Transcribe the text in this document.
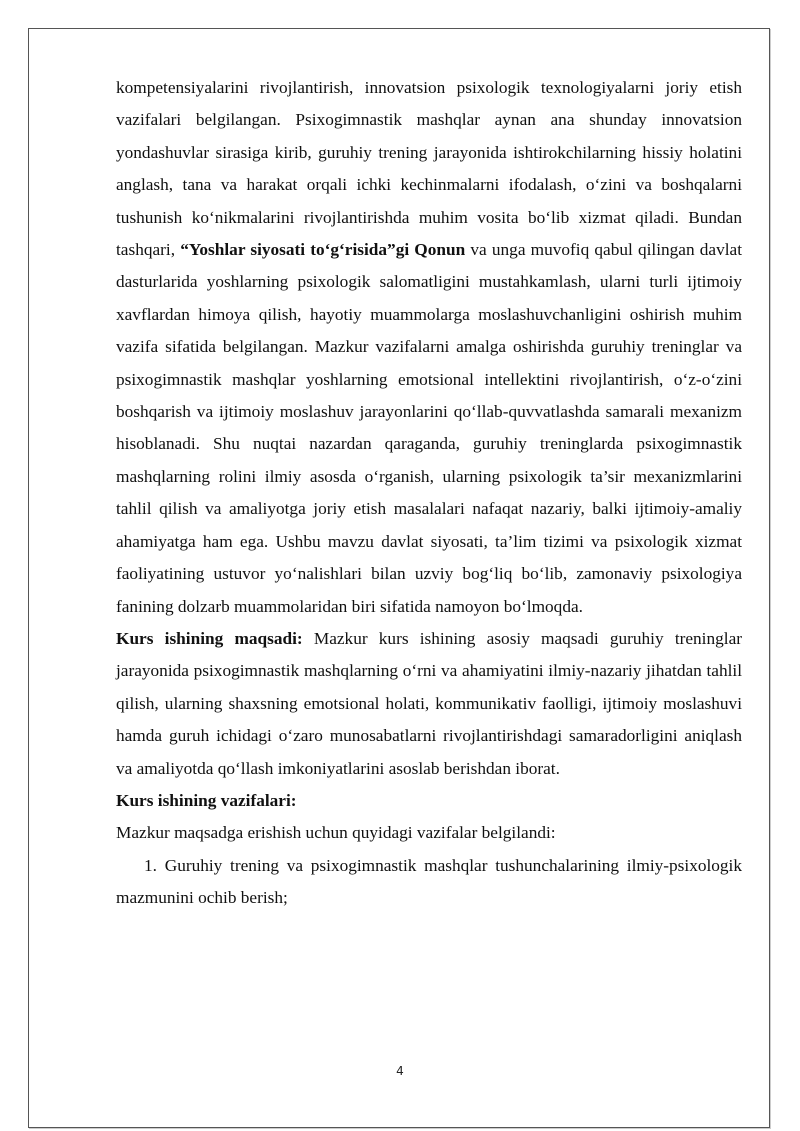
kompetensiyalarini rivojlantirish, innovatsion psixologik texnologiyalarni joriy etish vazifalari belgilangan. Psixogimnastik mashqlar aynan ana shunday innovatsion yondashuvlar sirasiga kirib, guruhiy trening jarayonida ishtirokchilarning hissiy holatini anglash, tana va harakat orqali ichki kechinmalarni ifodalash, o‘zini va boshqalarni tushunish ko‘nikmalarini rivojlantirishda muhim vosita bo‘lib xizmat qiladi. Bundan tashqari, “Yoshlar siyosati to‘g‘risida”gi Qonun va unga muvofiq qabul qilingan davlat dasturlarida yoshlarning psixologik salomatligini mustahkamlash, ularni turli ijtimoiy xavflardan himoya qilish, hayotiy muammolarga moslashuvchanligini oshirish muhim vazifa sifatida belgilangan. Mazkur vazifalarni amalga oshirishda guruhiy treninglar va psixogimnastik mashqlar yoshlarning emotsional intellektini rivojlantirish, o‘z-o‘zini boshqarish va ijtimoiy moslashuv jarayonlarini qo‘llab-quvvatlashda samarali mexanizm hisoblanadi. Shu nuqtai nazardan qaraganda, guruhiy treninglarda psixogimnastik mashqlarning rolini ilmiy asosda o‘rganish, ularning psixologik ta’sir mexanizmlarini tahlil qilish va amaliyotga joriy etish masalalari nafaqat nazariy, balki ijtimoiy-amaliy ahamiyatga ham ega. Ushbu mavzu davlat siyosati, ta’lim tizimi va psixologik xizmat faoliyatining ustuvor yo‘nalishlari bilan uzviy bog‘liq bo‘lib, zamonaviy psixologiya fanining dolzarb muammolaridan biri sifatida namoyon bo‘lmoqda.

Kurs ishining maqsadi: Mazkur kurs ishining asosiy maqsadi guruhiy treninglar jarayonida psixogimnastik mashqlarning o‘rni va ahamiyatini ilmiy-nazariy jihatdan tahlil qilish, ularning shaxsning emotsional holati, kommunikativ faolligi, ijtimoiy moslashuvi hamda guruh ichidagi o‘zaro munosabatlarni rivojlantirishdagi samaradorligini aniqlash va amaliyotda qo‘llash imkoniyatlarini asoslab berishdan iborat.

Kurs ishining vazifalari:

Mazkur maqsadga erishish uchun quyidagi vazifalar belgilandi:

1. Guruhiy trening va psixogimnastik mashqlar tushunchalarining ilmiy-psixologik mazmunini ochib berish;

4
